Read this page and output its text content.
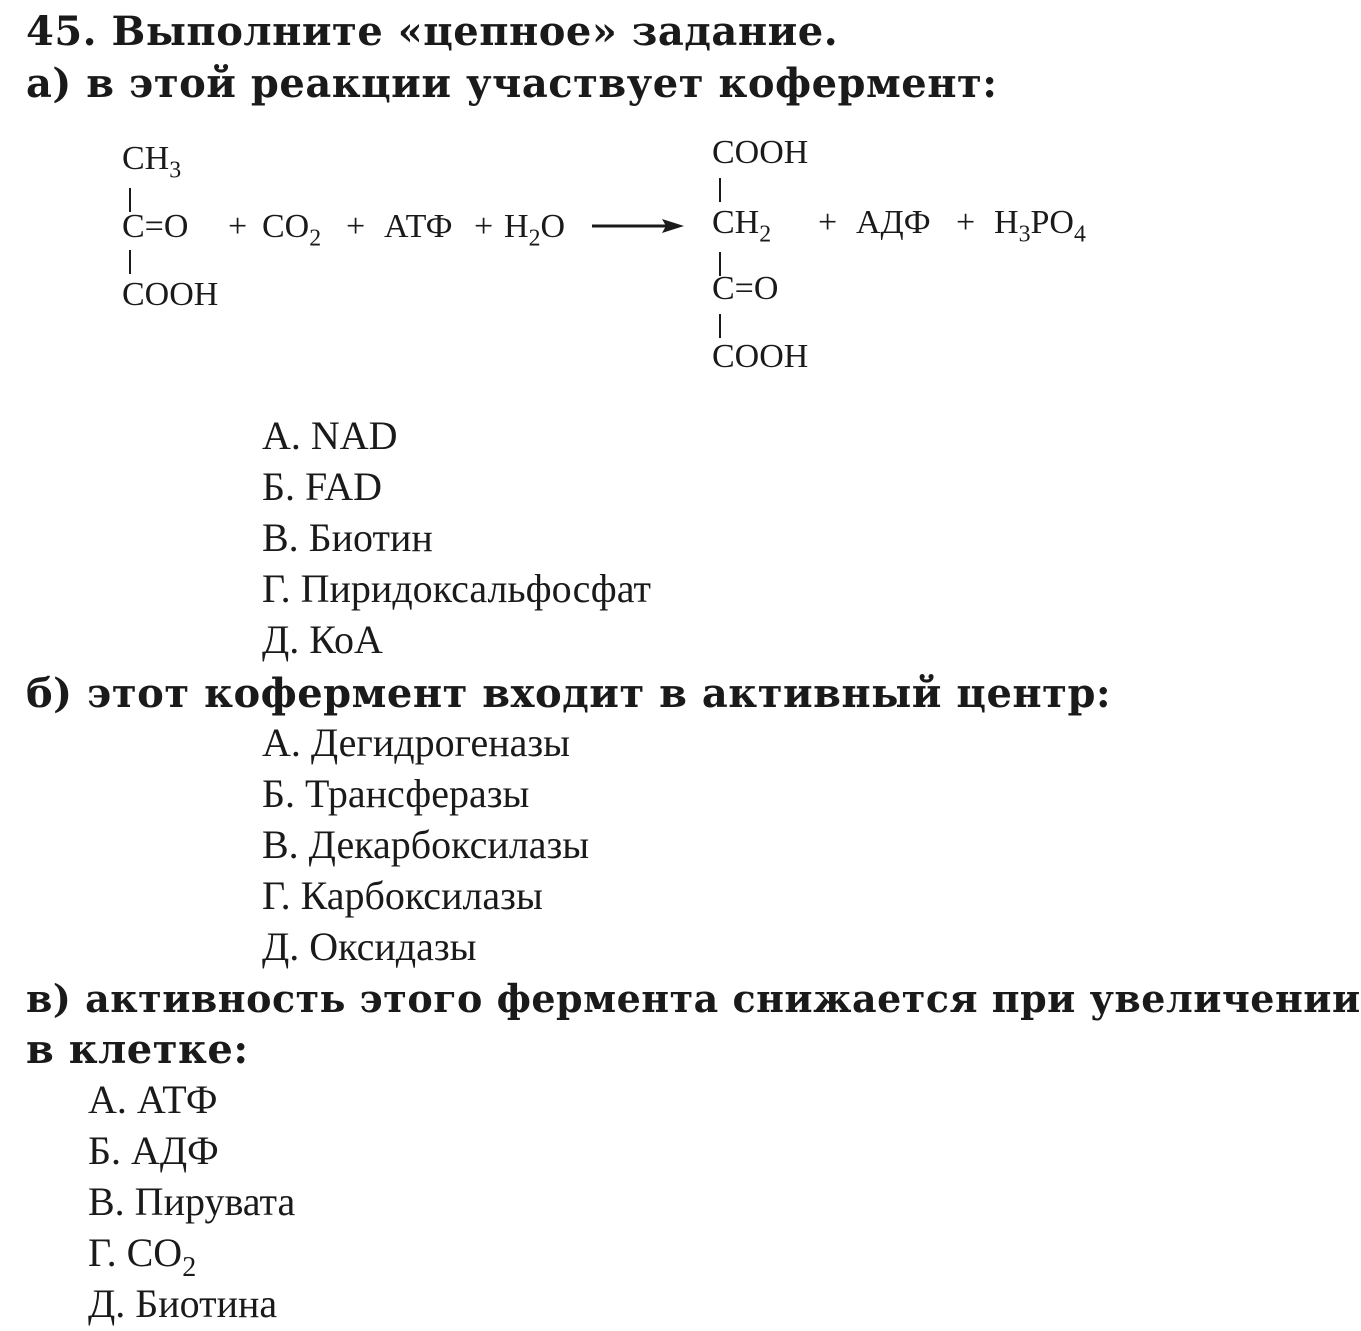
45. Выполните «цепное» задание.
а) в этой реакции участвует кофермент:
$CH_3$
C=O
COOH
+ $CO_2$ + АТФ + $H_2O$
COOH
$CH_2$
C=O
COOH
+ АДФ + $H_3PO_4$
А. NAD
Б. FAD
В. Биотин
Г. Пиридоксальфосфат
Д. КоА
б) этот кофермент входит в активный центр:
А. Дегидрогеназы
Б. Трансферазы
В. Декарбоксилазы
Г. Карбоксилазы
Д. Оксидазы
в) активность этого фермента снижается при увеличении
в клетке:
А. АТФ
Б. АДФ
В. Пирувата
Г. $CO_2$
Д. Биотина
